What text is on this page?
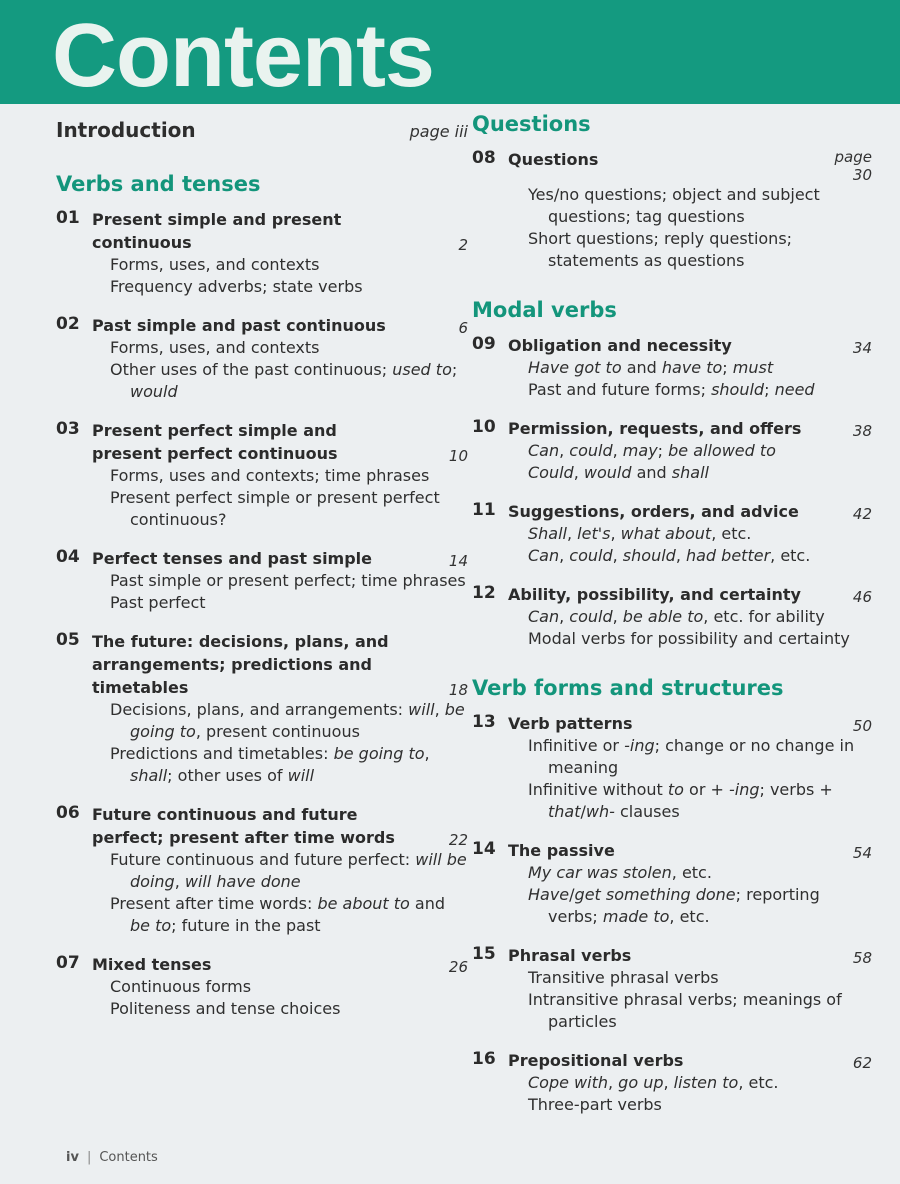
Contents
Introduction	page iii
Verbs and tenses
01 Present simple and present continuous	2
Forms, uses, and contexts
Frequency adverbs; state verbs
02 Past simple and past continuous	6
Forms, uses, and contexts
Other uses of the past continuous; used to; would
03 Present perfect simple and present perfect continuous	10
Forms, uses and contexts; time phrases
Present perfect simple or present perfect continuous?
04 Perfect tenses and past simple	14
Past simple or present perfect; time phrases
Past perfect
05 The future: decisions, plans, and arrangements; predictions and timetables	18
Decisions, plans, and arrangements: will, be going to, present continuous
Predictions and timetables: be going to, shall; other uses of will
06 Future continuous and future perfect; present after time words	22
Future continuous and future perfect: will be doing, will have done
Present after time words: be about to and be to; future in the past
07 Mixed tenses	26
Continuous forms
Politeness and tense choices
Questions
08 Questions	page 30
Yes/no questions; object and subject questions; tag questions
Short questions; reply questions; statements as questions
Modal verbs
09 Obligation and necessity	34
Have got to and have to; must
Past and future forms; should; need
10 Permission, requests, and offers	38
Can, could, may; be allowed to
Could, would and shall
11 Suggestions, orders, and advice	42
Shall, let's, what about, etc.
Can, could, should, had better, etc.
12 Ability, possibility, and certainty	46
Can, could, be able to, etc. for ability
Modal verbs for possibility and certainty
Verb forms and structures
13 Verb patterns	50
Infinitive or -ing; change or no change in meaning
Infinitive without to or + -ing; verbs + that/wh- clauses
14 The passive	54
My car was stolen, etc.
Have/get something done; reporting verbs; made to, etc.
15 Phrasal verbs	58
Transitive phrasal verbs
Intransitive phrasal verbs; meanings of particles
16 Prepositional verbs	62
Cope with, go up, listen to, etc.
Three-part verbs
iv | Contents
